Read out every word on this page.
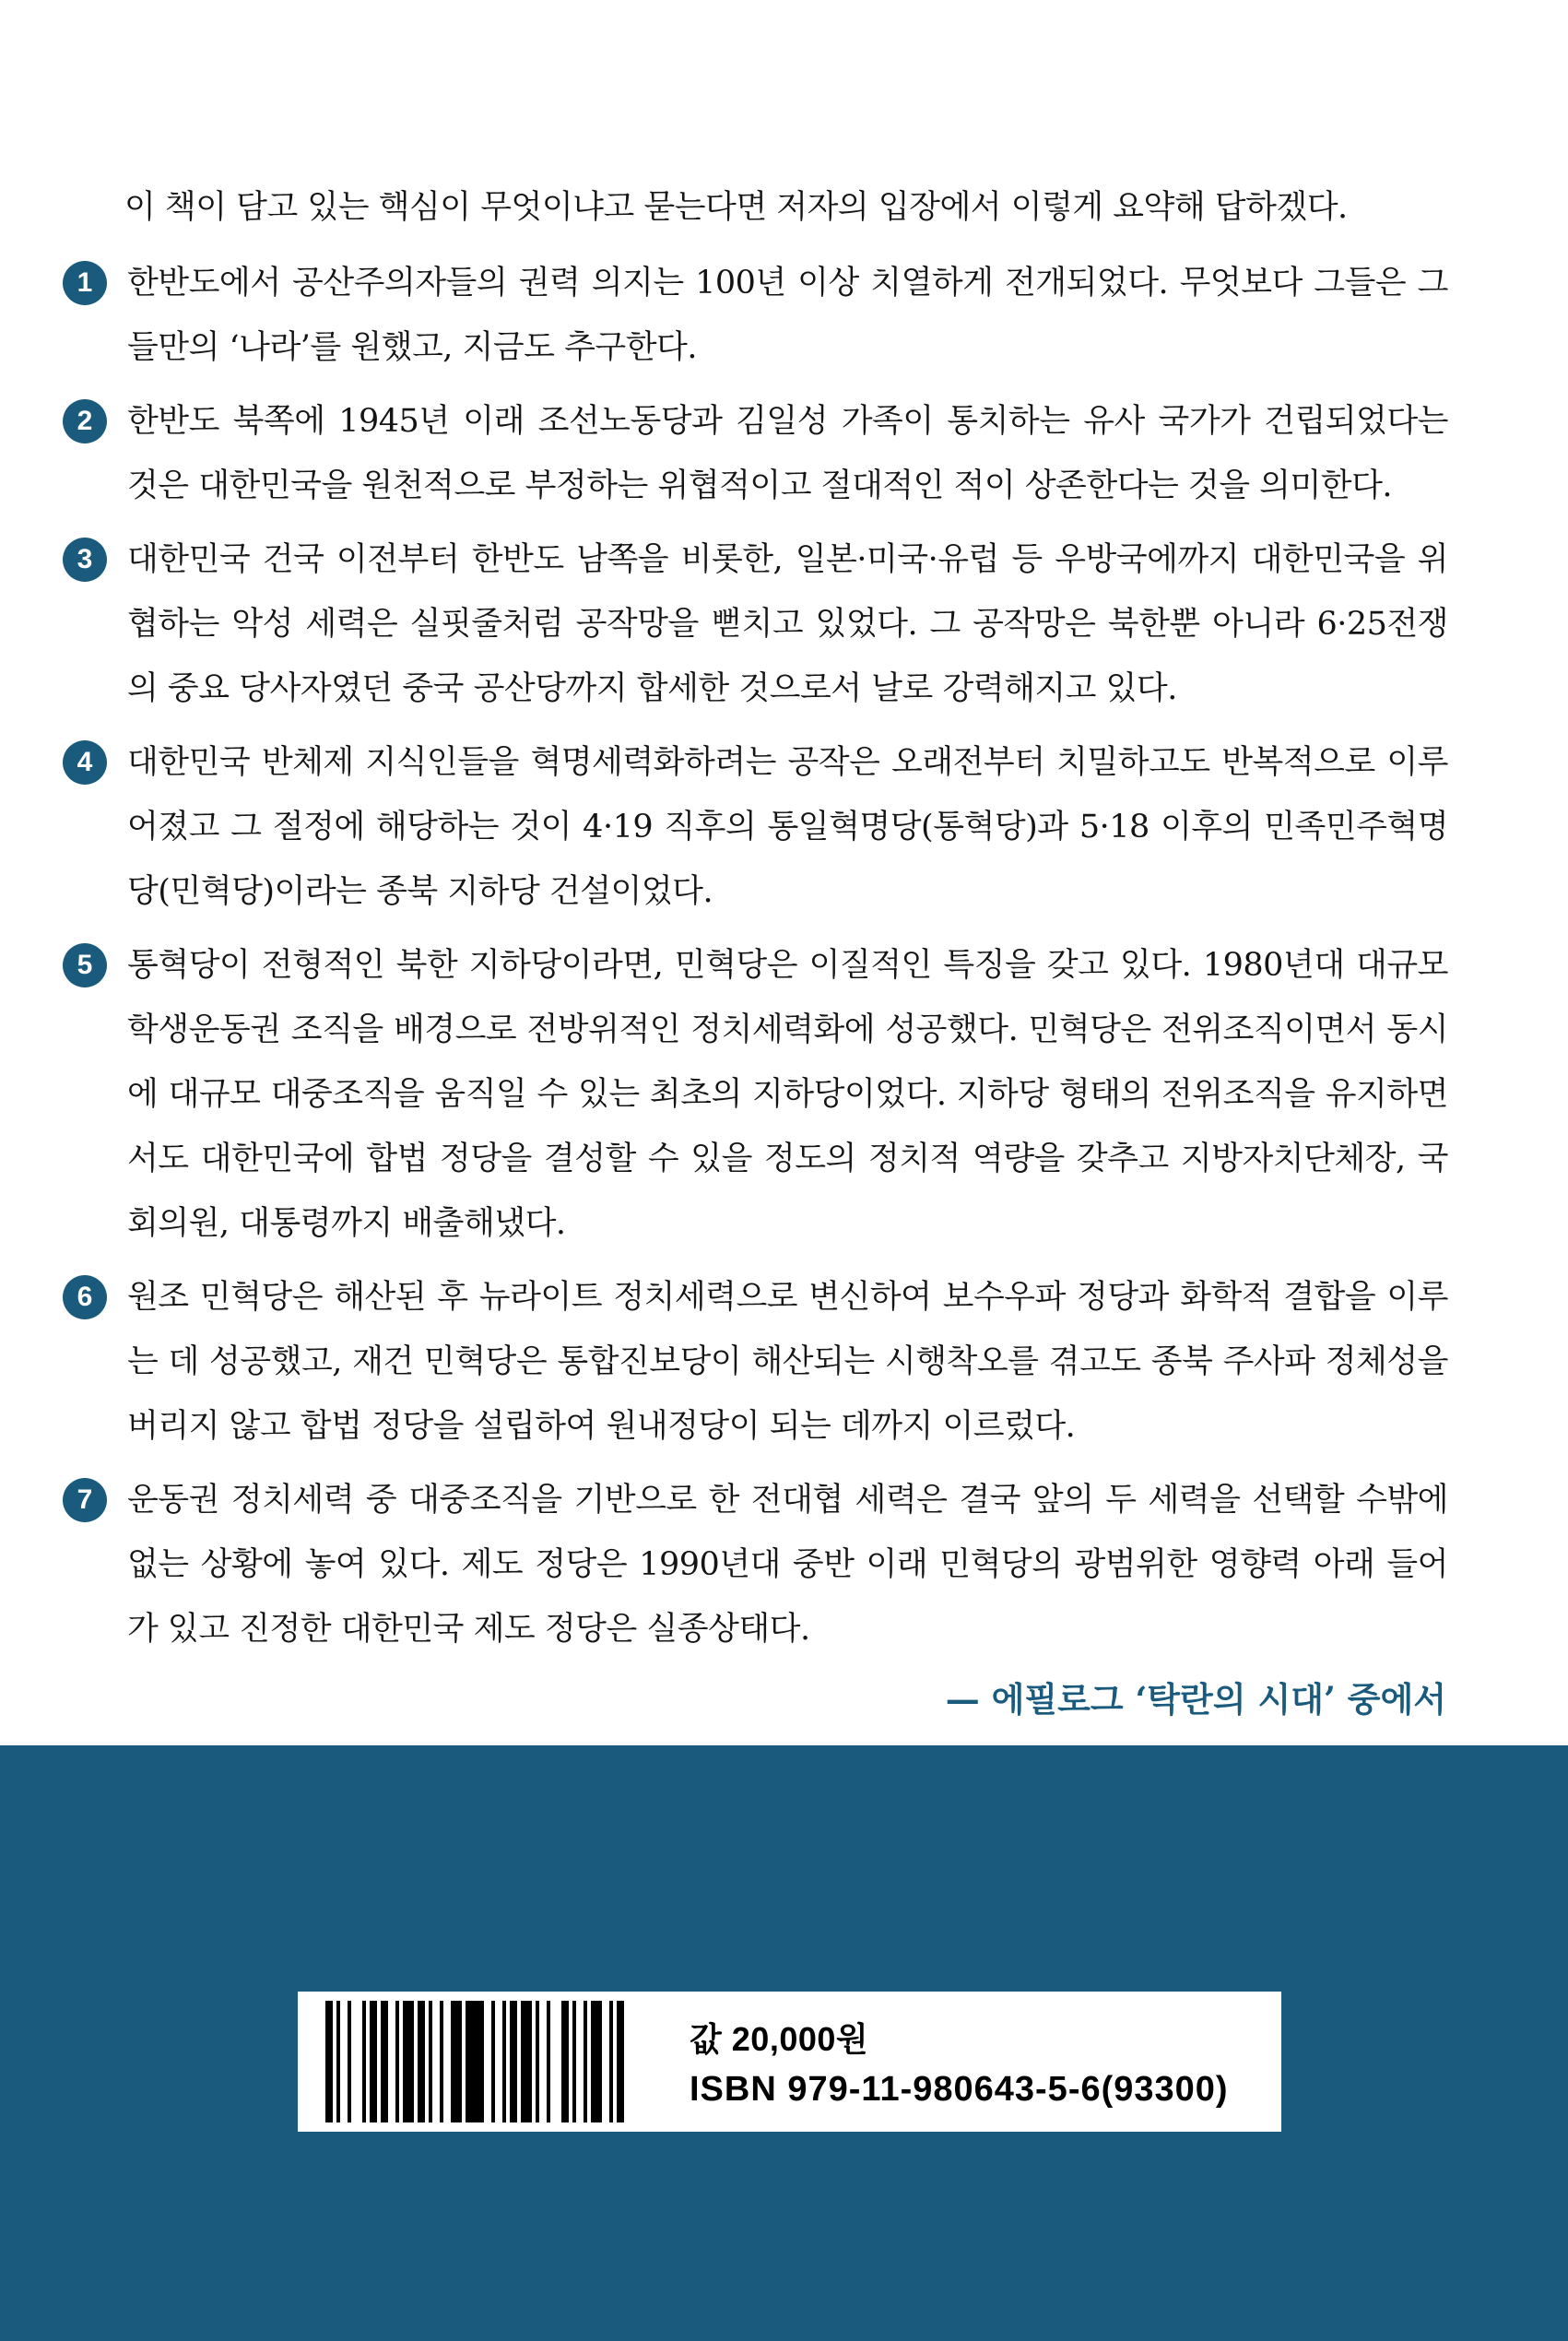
이 책이 담고 있는 핵심이 무엇이냐고 묻는다면 저자의 입장에서 이렇게 요약해 답하겠다.

1	한반도에서 공산주의자들의 권력 의지는 100년 이상 치열하게 전개되었다. 무엇보다 그들은 그들만의 ‘나라’를 원했고, 지금도 추구한다.

2	한반도 북쪽에 1945년 이래 조선노동당과 김일성 가족이 통치하는 유사 국가가 건립되었다는 것은 대한민국을 원천적으로 부정하는 위협적이고 절대적인 적이 상존한다는 것을 의미한다.

3	대한민국 건국 이전부터 한반도 남쪽을 비롯한, 일본·미국·유럽 등 우방국에까지 대한민국을 위협하는 악성 세력은 실핏줄처럼 공작망을 뻗치고 있었다. 그 공작망은 북한뿐 아니라 6·25전쟁의 중요 당사자였던 중국 공산당까지 합세한 것으로서 날로 강력해지고 있다.

4	대한민국 반체제 지식인들을 혁명세력화하려는 공작은 오래전부터 치밀하고도 반복적으로 이루어졌고 그 절정에 해당하는 것이 4·19 직후의 통일혁명당(통혁당)과 5·18 이후의 민족민주혁명당(민혁당)이라는 종북 지하당 건설이었다.

5	통혁당이 전형적인 북한 지하당이라면, 민혁당은 이질적인 특징을 갖고 있다. 1980년대 대규모 학생운동권 조직을 배경으로 전방위적인 정치세력화에 성공했다. 민혁당은 전위조직이면서 동시에 대규모 대중조직을 움직일 수 있는 최초의 지하당이었다. 지하당 형태의 전위조직을 유지하면서도 대한민국에 합법 정당을 결성할 수 있을 정도의 정치적 역량을 갖추고 지방자치단체장, 국회의원, 대통령까지 배출해냈다.

6	원조 민혁당은 해산된 후 뉴라이트 정치세력으로 변신하여 보수우파 정당과 화학적 결합을 이루는 데 성공했고, 재건 민혁당은 통합진보당이 해산되는 시행착오를 겪고도 종북 주사파 정체성을 버리지 않고 합법 정당을 설립하여 원내정당이 되는 데까지 이르렀다.

7	운동권 정치세력 중 대중조직을 기반으로 한 전대협 세력은 결국 앞의 두 세력을 선택할 수밖에 없는 상황에 놓여 있다. 제도 정당은 1990년대 중반 이래 민혁당의 광범위한 영향력 아래 들어가 있고 진정한 대한민국 제도 정당은 실종상태다.

— 에필로그 ‘탁란의 시대’ 중에서

값 20,000원
ISBN 979-11-980643-5-6(93300)
